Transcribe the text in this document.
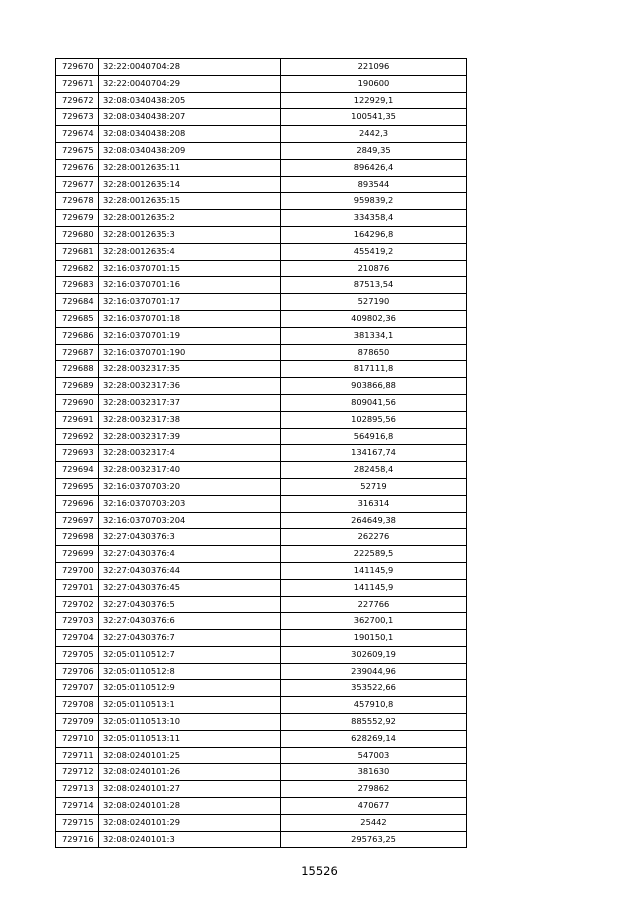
729670	32:22:0040704:28	221096
729671	32:22:0040704:29	190600
729672	32:08:0340438:205	122929,1
729673	32:08:0340438:207	100541,35
729674	32:08:0340438:208	2442,3
729675	32:08:0340438:209	2849,35
729676	32:28:0012635:11	896426,4
729677	32:28:0012635:14	893544
729678	32:28:0012635:15	959839,2
729679	32:28:0012635:2	334358,4
729680	32:28:0012635:3	164296,8
729681	32:28:0012635:4	455419,2
729682	32:16:0370701:15	210876
729683	32:16:0370701:16	87513,54
729684	32:16:0370701:17	527190
729685	32:16:0370701:18	409802,36
729686	32:16:0370701:19	381334,1
729687	32:16:0370701:190	878650
729688	32:28:0032317:35	817111,8
729689	32:28:0032317:36	903866,88
729690	32:28:0032317:37	809041,56
729691	32:28:0032317:38	102895,56
729692	32:28:0032317:39	564916,8
729693	32:28:0032317:4	134167,74
729694	32:28:0032317:40	282458,4
729695	32:16:0370703:20	52719
729696	32:16:0370703:203	316314
729697	32:16:0370703:204	264649,38
729698	32:27:0430376:3	262276
729699	32:27:0430376:4	222589,5
729700	32:27:0430376:44	141145,9
729701	32:27:0430376:45	141145,9
729702	32:27:0430376:5	227766
729703	32:27:0430376:6	362700,1
729704	32:27:0430376:7	190150,1
729705	32:05:0110512:7	302609,19
729706	32:05:0110512:8	239044,96
729707	32:05:0110512:9	353522,66
729708	32:05:0110513:1	457910,8
729709	32:05:0110513:10	885552,92
729710	32:05:0110513:11	628269,14
729711	32:08:0240101:25	547003
729712	32:08:0240101:26	381630
729713	32:08:0240101:27	279862
729714	32:08:0240101:28	470677
729715	32:08:0240101:29	25442
729716	32:08:0240101:3	295763,25
15526
